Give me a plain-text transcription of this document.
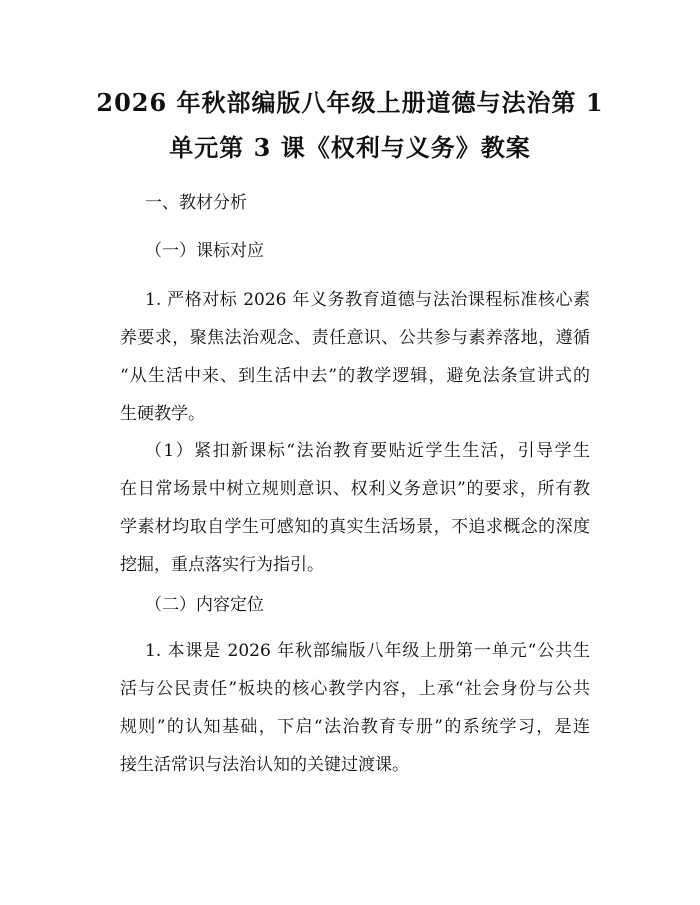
2026 年秋部编版八年级上册道德与法治第 1
单元第 3 课《权利与义务》教案

一、教材分析

（一）课标对应

1. 严格对标 2026 年义务教育道德与法治课程标准核心素
养要求，聚焦法治观念、责任意识、公共参与素养落地，遵循
“从生活中来、到生活中去”的教学逻辑，避免法条宣讲式的
生硬教学。

（1）紧扣新课标“法治教育要贴近学生生活，引导学生
在日常场景中树立规则意识、权利义务意识”的要求，所有教
学素材均取自学生可感知的真实生活场景，不追求概念的深度
挖掘，重点落实行为指引。

（二）内容定位

1. 本课是 2026 年秋部编版八年级上册第一单元“公共生
活与公民责任”板块的核心教学内容，上承“社会身份与公共
规则”的认知基础，下启“法治教育专册”的系统学习，是连
接生活常识与法治认知的关键过渡课。
